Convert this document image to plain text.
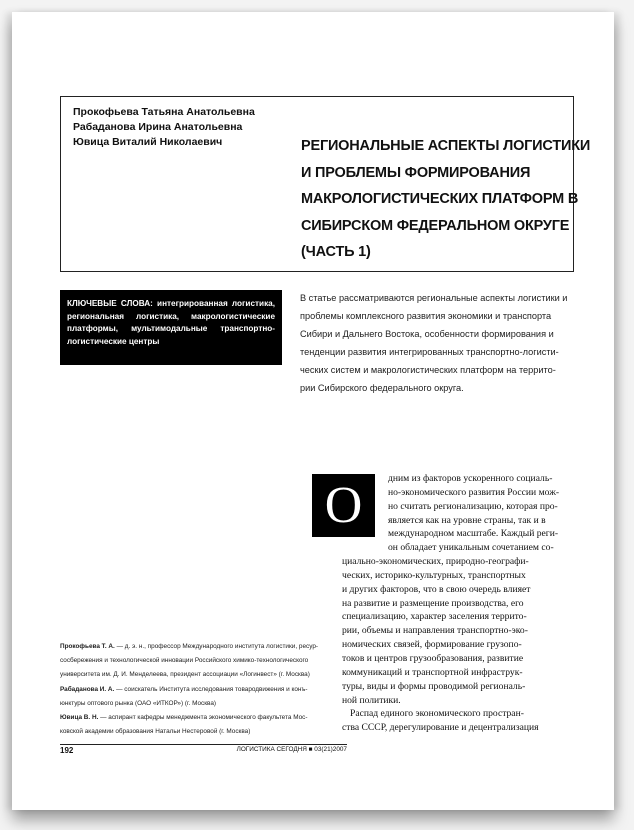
Прокофьева Татьяна Анатольевна
Рабаданова Ирина Анатольевна
Ювица Виталий Николаевич	РЕГИОНАЛЬНЫЕ АСПЕКТЫ ЛОГИСТИКИ
И ПРОБЛЕМЫ ФОРМИРОВАНИЯ
МАКРОЛОГИСТИЧЕСКИХ ПЛАТФОРМ В
СИБИРСКОМ ФЕДЕРАЛЬНОМ ОКРУГЕ
(ЧАСТЬ 1)
КЛЮЧЕВЫЕ СЛОВА: интегрированная логистика, региональная логистика, макрологистические платформы, мультимодальные транспортно-логистические центры
В статье рассматриваются региональные аспекты логистики и
проблемы комплексного развития экономики и транспорта
Сибири и Дальнего Востока, особенности формирования и
тенденции развития интегрированных транспортно-логисти-
ческих систем и макрологистических платформ на террито-
рии Сибирского федерального округа.
О	дним из факторов ускоренного социаль-
но-экономического развития России мож-
но считать регионализацию, которая про-
является как на уровне страны, так и в
международном масштабе. Каждый реги-
он обладает уникальным сочетанием со-
циально-экономических, природно-географи-
ческих, историко-культурных, транспортных
и других факторов, что в свою очередь влияет
на развитие и размещение производства, его
специализацию, характер заселения террито-
рии, объемы и направления транспортно-эко-
номических связей, формирование грузопо-
токов и центров грузообразования, развитие
коммуникаций и транспортной инфраструк-
туры, виды и формы проводимой региональ-
ной политики.
Распад единого экономического простран-
ства СССР, дерегулирование и децентрализация
Прокофьева Т. А. — д. э. н., профессор Международного института логистики, ресур-
сосбережения и технологической инновации Российского химико-технологического
университета им. Д. И. Менделеева, президент ассоциации «Логинвест» (г. Москва)
Рабаданова И. А. — соискатель Института исследования товародвижения и конъ-
юнктуры оптового рынка (ОАО «ИТКОР») (г. Москва)
Ювица В. Н. — аспирант кафедры менеджмента экономического факультета Мос-
ковской академии образования Натальи Нестеровой (г. Москва)
192	ЛОГИСТИКА СЕГОДНЯ ■ 03(21)2007
